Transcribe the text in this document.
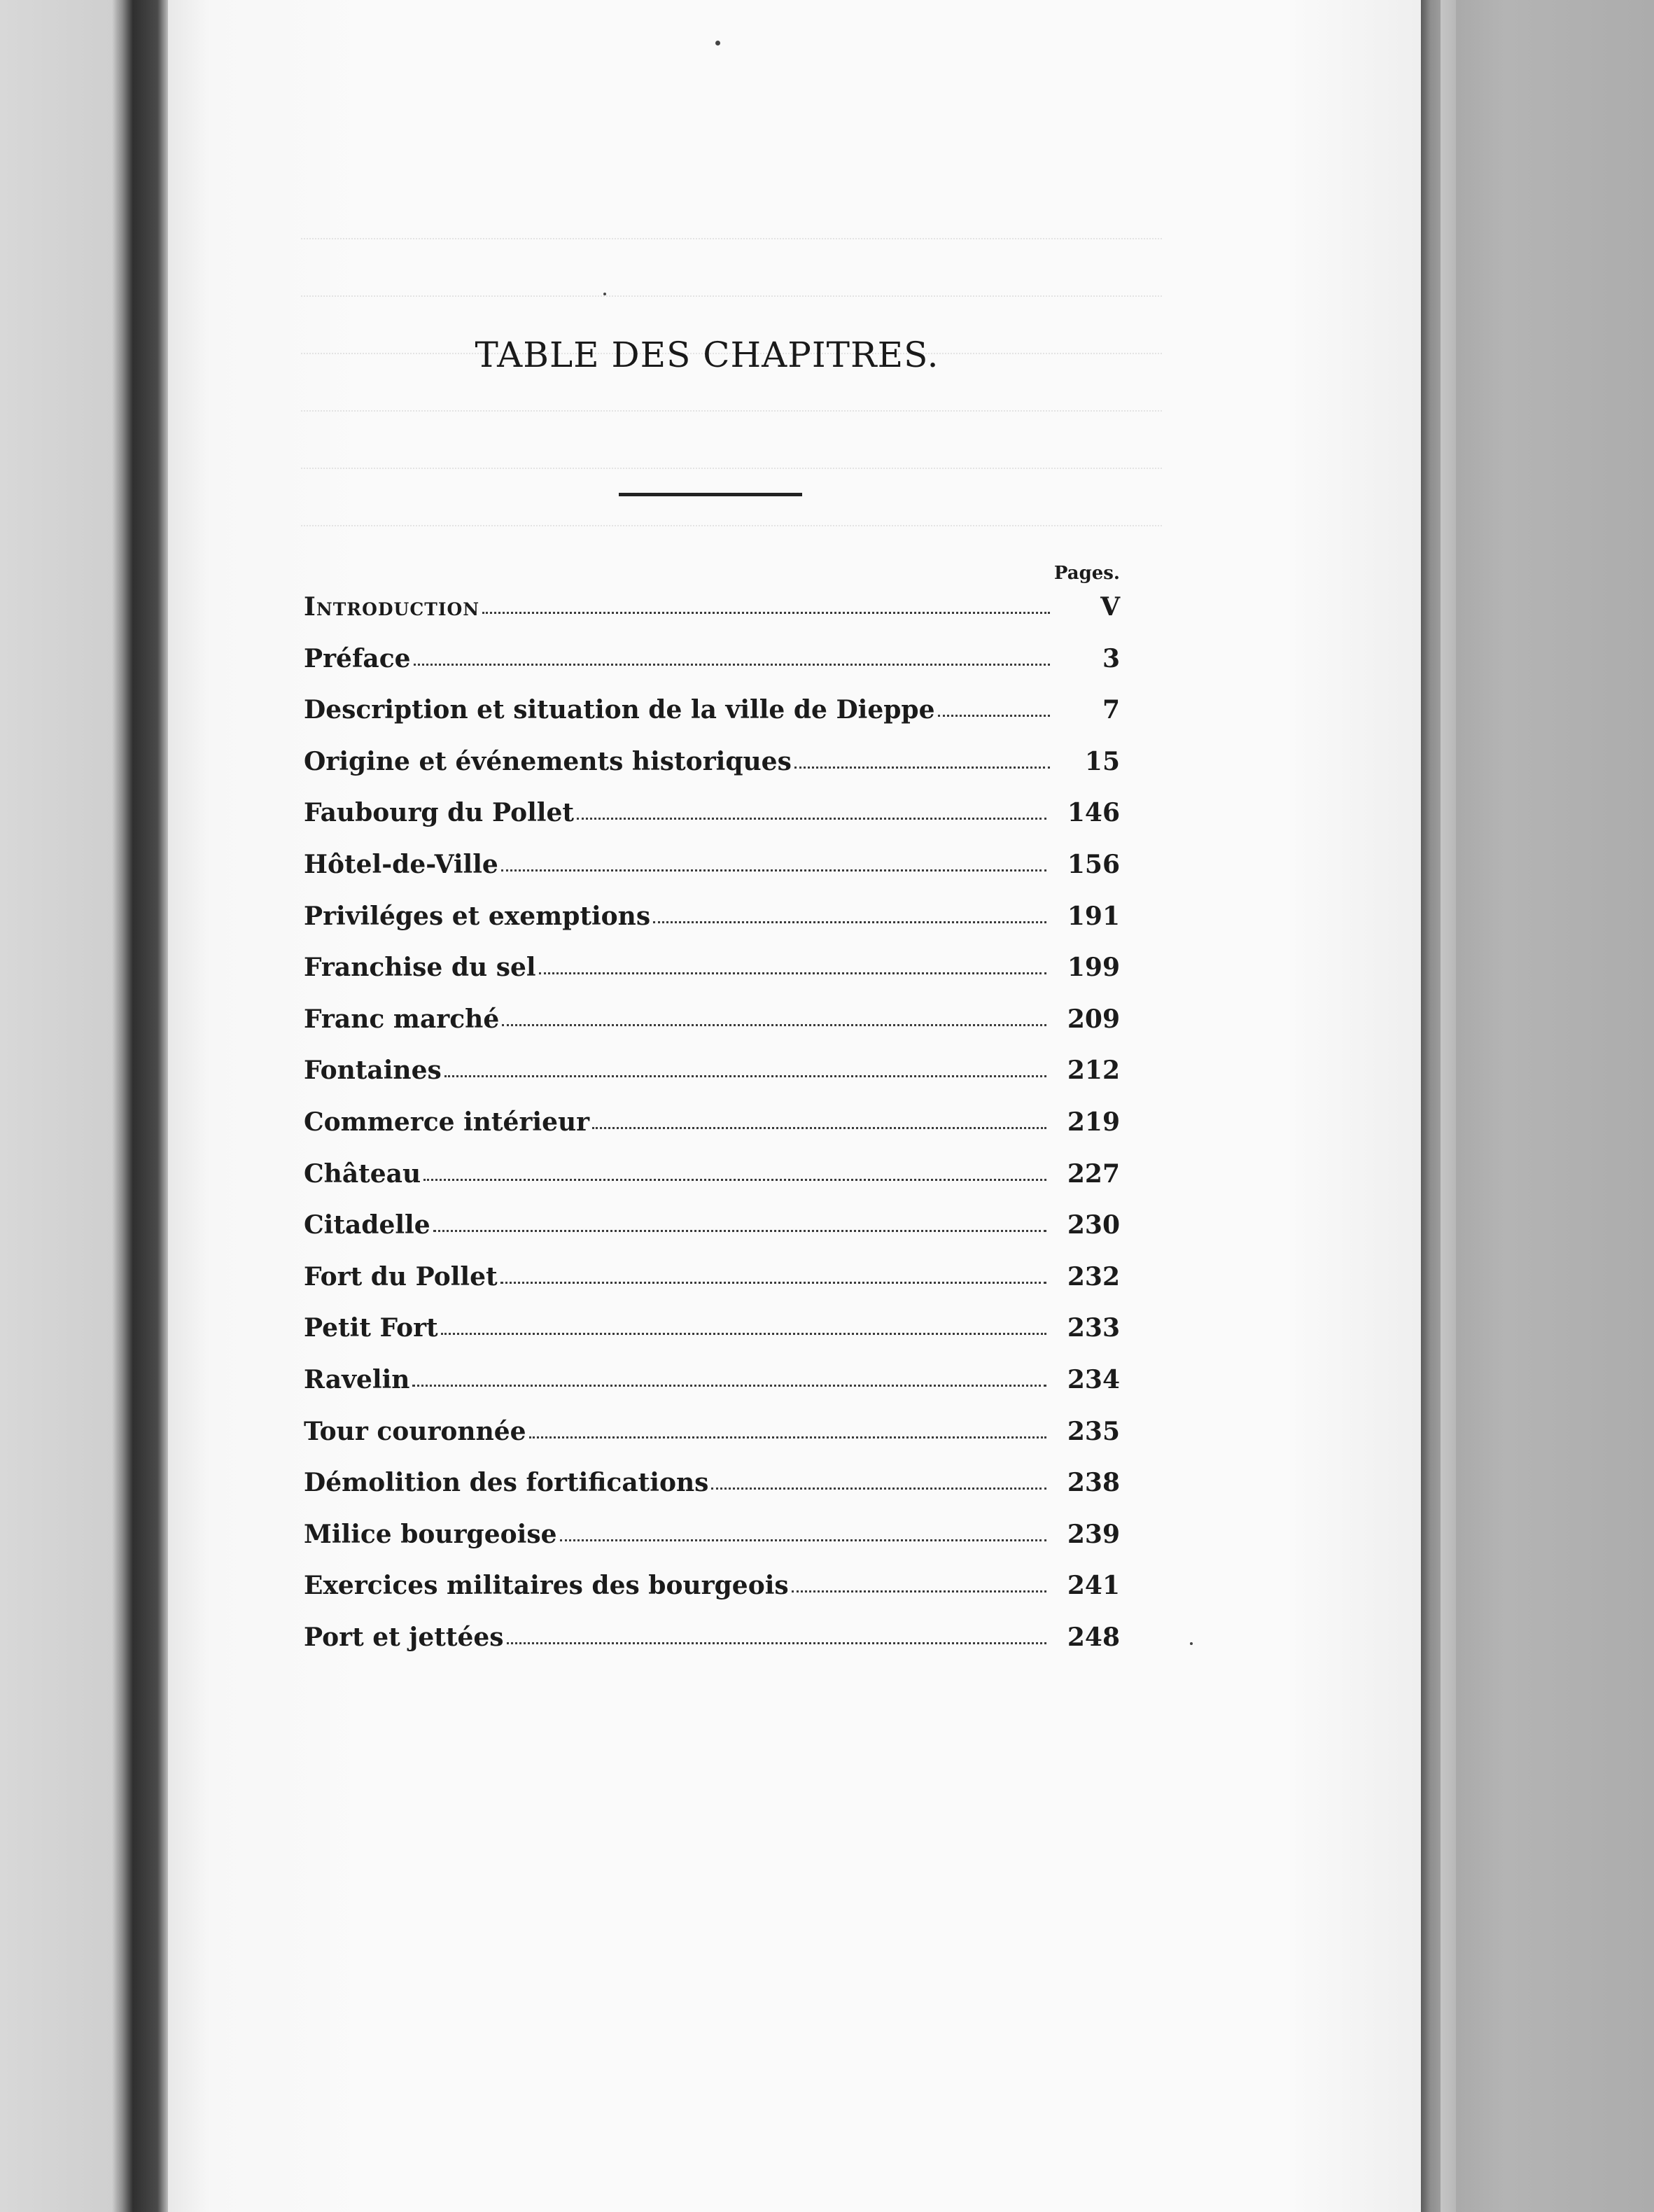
TABLE DES CHAPITRES.
Pages.
Introduction	V
Préface	3
Description et situation de la ville de Dieppe	7
Origine et événements historiques	15
Faubourg du Pollet	146
Hôtel-de-Ville	156
Priviléges et exemptions	191
Franchise du sel	199
Franc marché	209
Fontaines	212
Commerce intérieur	219
Château	227
Citadelle	230
Fort du Pollet	232
Petit Fort	233
Ravelin	234
Tour couronnée	235
Démolition des fortifications	238
Milice bourgeoise	239
Exercices militaires des bourgeois	241
Port et jettées	248
